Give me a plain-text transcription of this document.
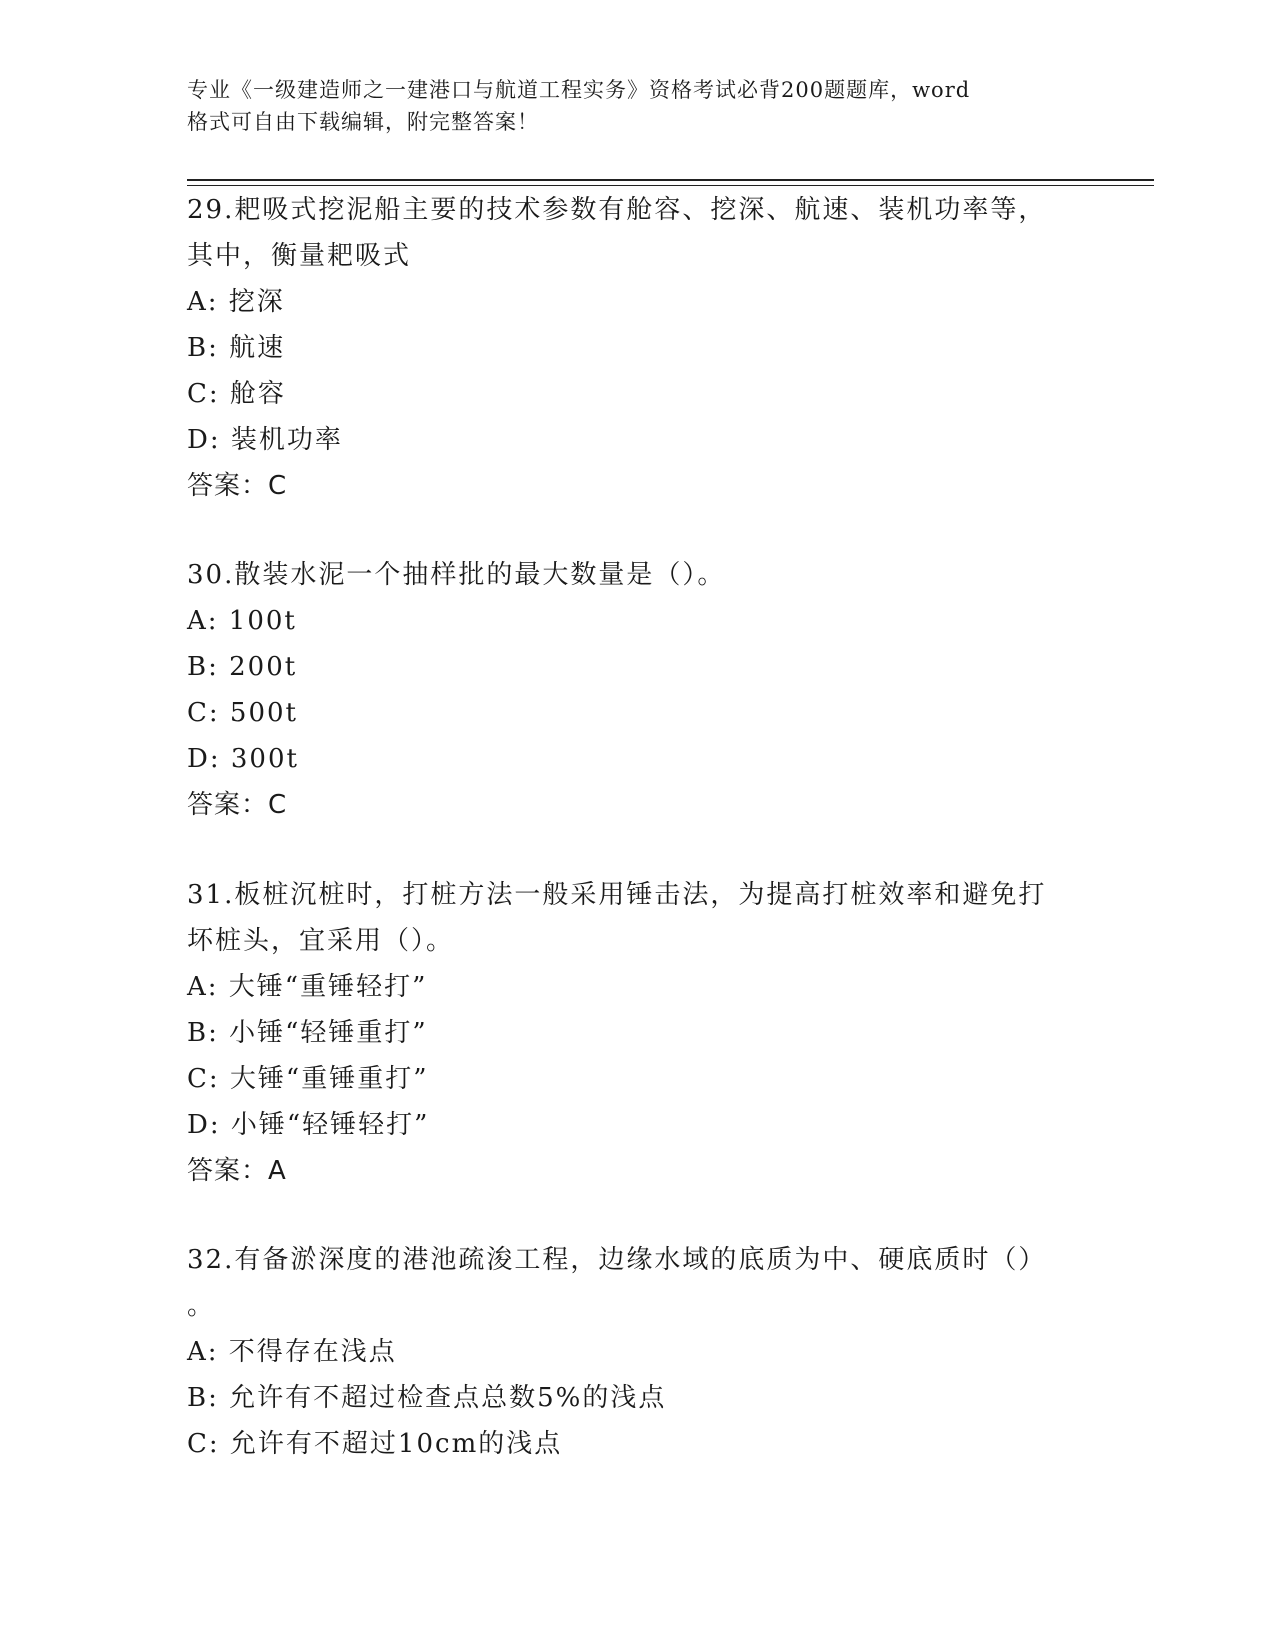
专业《一级建造师之一建港口与航道工程实务》资格考试必背200题题库，word
格式可自由下载编辑，附完整答案！
29.耙吸式挖泥船主要的技术参数有舱容、挖深、航速、装机功率等，
其中，衡量耙吸式
A: 挖深
B: 航速
C: 舱容
D: 装机功率
答案：C
30.散装水泥一个抽样批的最大数量是（）。
A: 100t
B: 200t
C: 500t
D: 300t
答案：C
31.板桩沉桩时，打桩方法一般采用锤击法，为提高打桩效率和避免打
坏桩头，宜采用（）。
A: 大锤“重锤轻打”
B: 小锤“轻锤重打”
C: 大锤“重锤重打”
D: 小锤“轻锤轻打”
答案：A
32.有备淤深度的港池疏浚工程，边缘水域的底质为中、硬底质时（）
。
A: 不得存在浅点
B: 允许有不超过检查点总数5%的浅点
C: 允许有不超过10cm的浅点
